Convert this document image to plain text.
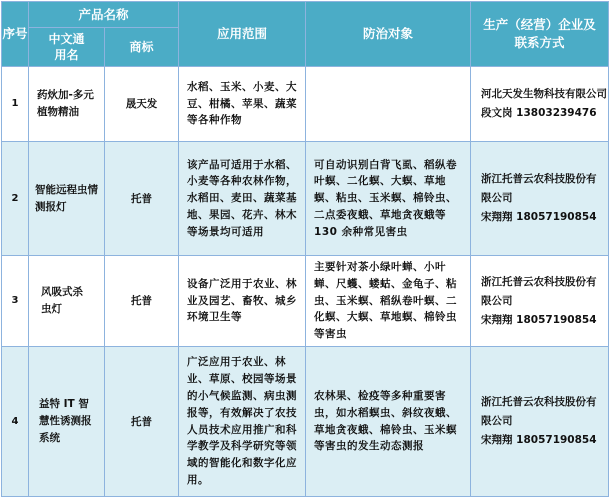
序号	产品名称		应用范围	防治对象	生产（经营）企业及联系方式
	中文通用名	商标			
1	药炏加-多元植物精油	晟天发	水稻、玉米、小麦、大豆、柑橘、苹果、蔬菜等各种作物		河北天发生物科技有限公司
段文岗 13803239476

2	智能远程虫情测报灯	托普	该产品可适用于水稻、小麦等各种农林作物，水稻田、麦田、蔬菜基地、果园、花卉、林木等场景均可适用	可自动识别白背飞虱、稻纵卷叶螟、二化螟、大螟、草地螟、粘虫、玉米螟、棉铃虫、二点委夜蛾、草地贪夜蛾等 130 余种常见害虫	浙江托普云农科技股份有限公司
宋翔翔 18057190854

3	风吸式杀虫灯	托普	设备广泛用于农业、林业及园艺、畜牧、城乡环境卫生等	主要针对茶小绿叶蝉、小叶蝉、尺蠖、蝼蛄、金龟子、粘虫、玉米螟、稻纵卷叶螟、二化螟、大螟、草地螟、棉铃虫等害虫	浙江托普云农科技股份有限公司
宋翔翔 18057190854

4	益特 IT 智慧性诱测报系统	托普	广泛应用于农业、林业、草原、校园等场景的小气候监测、病虫测报等，有效解决了农技人员技术应用推广和科学教学及科学研究等领域的智能化和数字化应用。	农林果、检疫等多种重要害虫，如水稻螟虫、斜纹夜蛾、草地贪夜蛾、棉铃虫、玉米螟等害虫的发生动态测报	浙江托普云农科技股份有限公司
宋翔翔 18057190854
